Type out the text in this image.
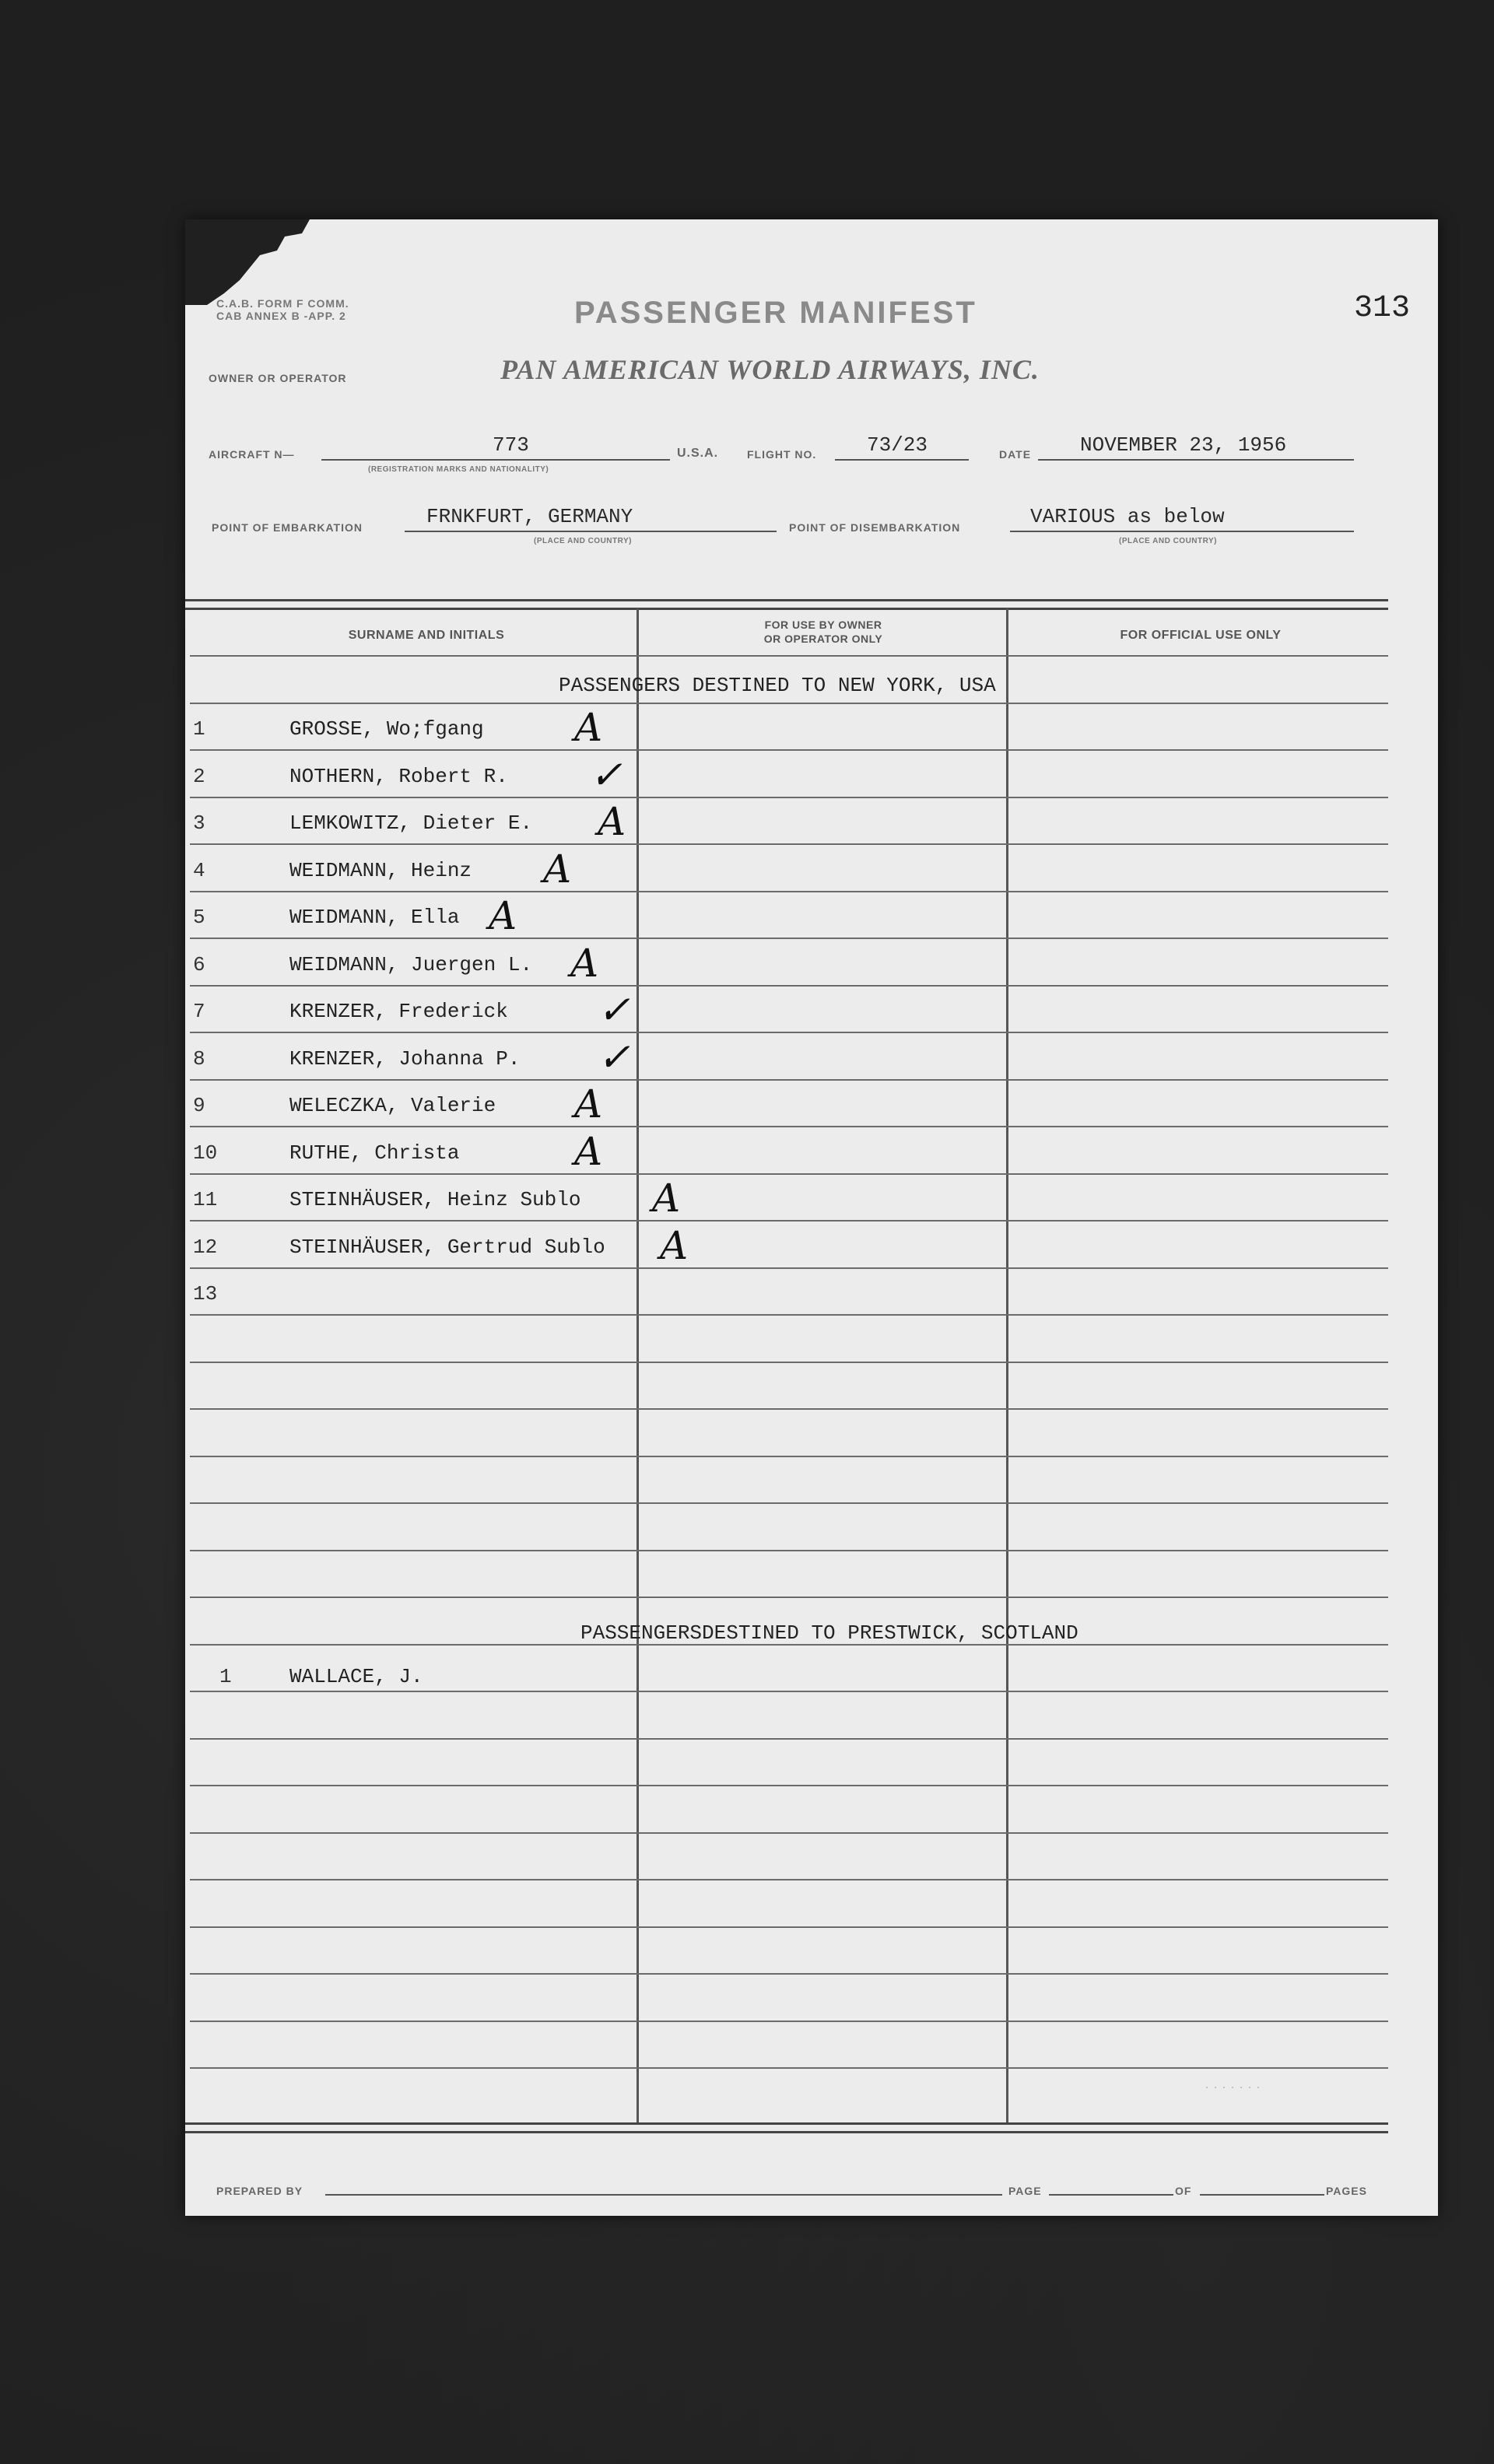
C.A.B. FORM F COMM.
CAB ANNEX B -APP. 2	PASSENGER MANIFEST	313
OWNER OR OPERATOR	PAN AMERICAN WORLD AIRWAYS, INC.
AIRCRAFT N—	773
(REGISTRATION MARKS AND NATIONALITY)
U.S.A.	FLIGHT NO. 73/23	DATE NOVEMBER 23, 1956
POINT OF EMBARKATION	FRNKFURT, GERMANY
(PLACE AND COUNTRY)
POINT OF DISEMBARKATION	VARIOUS as below
(PLACE AND COUNTRY)
SURNAME AND INITIALS
FOR USE BY OWNER
OR OPERATOR ONLY	FOR OFFICIAL USE ONLY
PASSENGERS DESTINED TO NEW YORK, USA
1	GROSSE, Wo;fgang A
2	NOTHERN, Robert R. ✓
3	LEMKOWITZ, Dieter E. A
4	WEIDMANN, Heinz A
5	WEIDMANN, Ella A
6	WEIDMANN, Juergen L. A
7	KRENZER, Frederick ✓
8	KRENZER, Johanna P. ✓
9	WELECZKA, Valerie A
10	RUTHE, Christa	A
11	STEINHÄUSER, Heinz Sublo A
12	STEINHÄUSER, Gertrud Sublo A
13
PASSENGERSDESTINED TO PRESTWICK, SCOTLAND
1	WALLACE, J.
· · · · · · ·
PREPARED BY	PAGE	OF	PAGES
